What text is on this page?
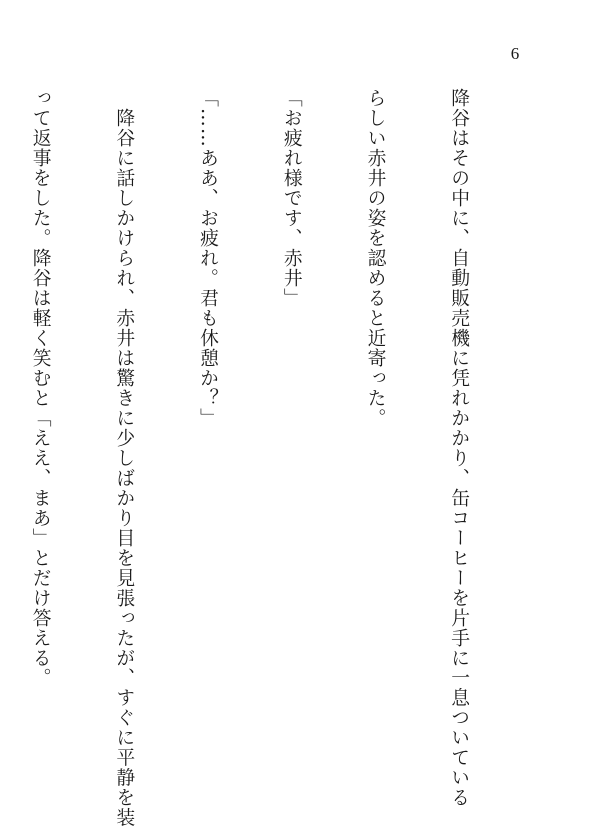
6

降谷はその中に、自動販売機に凭れかかり、缶コーヒーを片手に一息ついている

らしい赤井の姿を認めると近寄った。

「お疲れ様です、赤井」

「……ああ、お疲れ。君も休憩か？」

　降谷に話しかけられ、赤井は驚きに少しばかり目を見張ったが、すぐに平静を装

って返事をした。降谷は軽く笑むと「ええ、まあ」とだけ答える。
